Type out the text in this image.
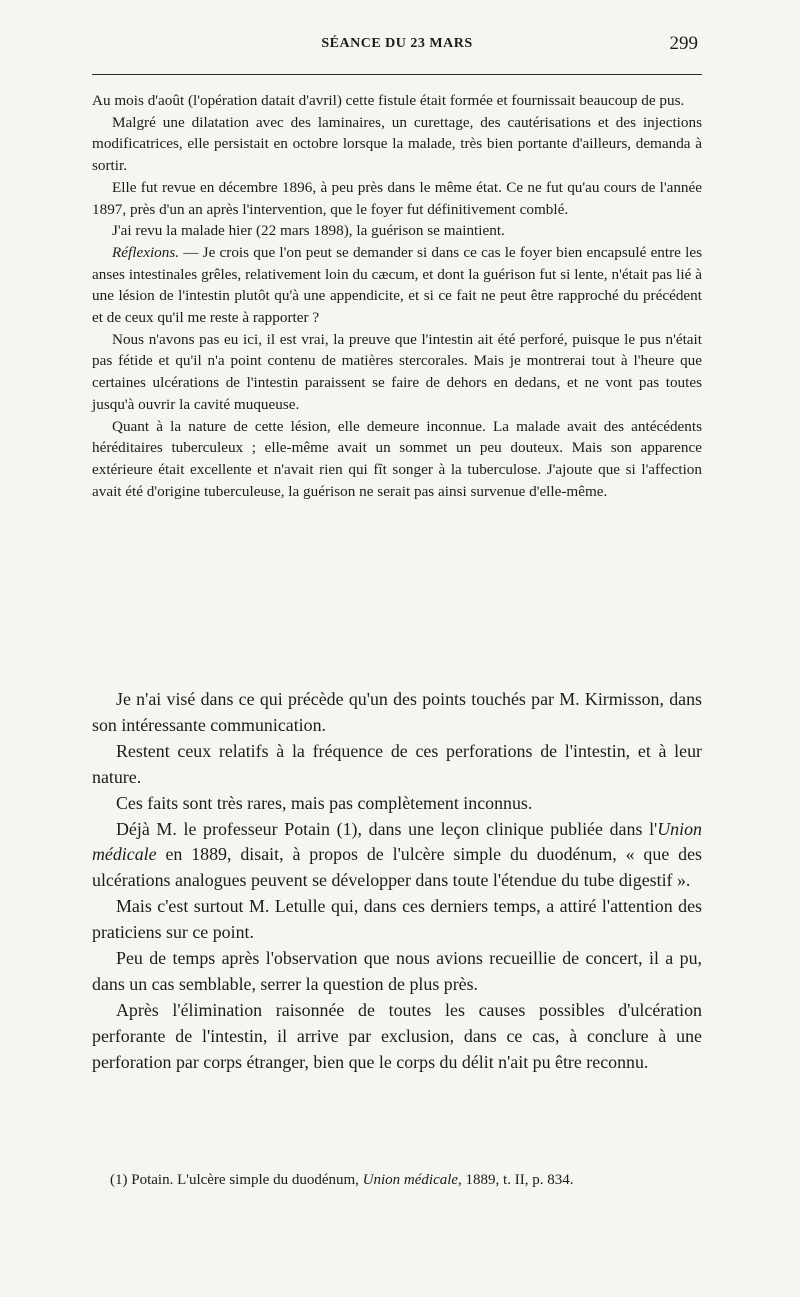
SÉANCE DU 23 MARS	299

Au mois d'août (l'opération datait d'avril) cette fistule était formée et fournissait beaucoup de pus.

Malgré une dilatation avec des laminaires, un curettage, des cautérisations et des injections modificatrices, elle persistait en octobre lorsque la malade, très bien portante d'ailleurs, demanda à sortir.

Elle fut revue en décembre 1896, à peu près dans le même état. Ce ne fut qu'au cours de l'année 1897, près d'un an après l'intervention, que le foyer fut définitivement comblé.

J'ai revu la malade hier (22 mars 1898), la guérison se maintient.

Réflexions. — Je crois que l'on peut se demander si dans ce cas le foyer bien encapsulé entre les anses intestinales grêles, relativement loin du cæcum, et dont la guérison fut si lente, n'était pas lié à une lésion de l'intestin plutôt qu'à une appendicite, et si ce fait ne peut être rapproché du précédent et de ceux qu'il me reste à rapporter ?

Nous n'avons pas eu ici, il est vrai, la preuve que l'intestin ait été perforé, puisque le pus n'était pas fétide et qu'il n'a point contenu de matières stercorales. Mais je montrerai tout à l'heure que certaines ulcérations de l'intestin paraissent se faire de dehors en dedans, et ne vont pas toutes jusqu'à ouvrir la cavité muqueuse.

Quant à la nature de cette lésion, elle demeure inconnue. La malade avait des antécédents héréditaires tuberculeux ; elle-même avait un sommet un peu douteux. Mais son apparence extérieure était excellente et n'avait rien qui fît songer à la tuberculose. J'ajoute que si l'affection avait été d'origine tuberculeuse, la guérison ne serait pas ainsi survenue d'elle-même.

Je n'ai visé dans ce qui précède qu'un des points touchés par M. Kirmisson, dans son intéressante communication.

Restent ceux relatifs à la fréquence de ces perforations de l'intestin, et à leur nature.

Ces faits sont très rares, mais pas complètement inconnus.

Déjà M. le professeur Potain (1), dans une leçon clinique publiée dans l'Union médicale en 1889, disait, à propos de l'ulcère simple du duodénum, « que des ulcérations analogues peuvent se développer dans toute l'étendue du tube digestif ».

Mais c'est surtout M. Letulle qui, dans ces derniers temps, a attiré l'attention des praticiens sur ce point.

Peu de temps après l'observation que nous avions recueillie de concert, il a pu, dans un cas semblable, serrer la question de plus près.

Après l'élimination raisonnée de toutes les causes possibles d'ulcération perforante de l'intestin, il arrive par exclusion, dans ce cas, à conclure à une perforation par corps étranger, bien que le corps du délit n'ait pu être reconnu.

(1) Potain. L'ulcère simple du duodénum, Union médicale, 1889, t. II, p. 834.
